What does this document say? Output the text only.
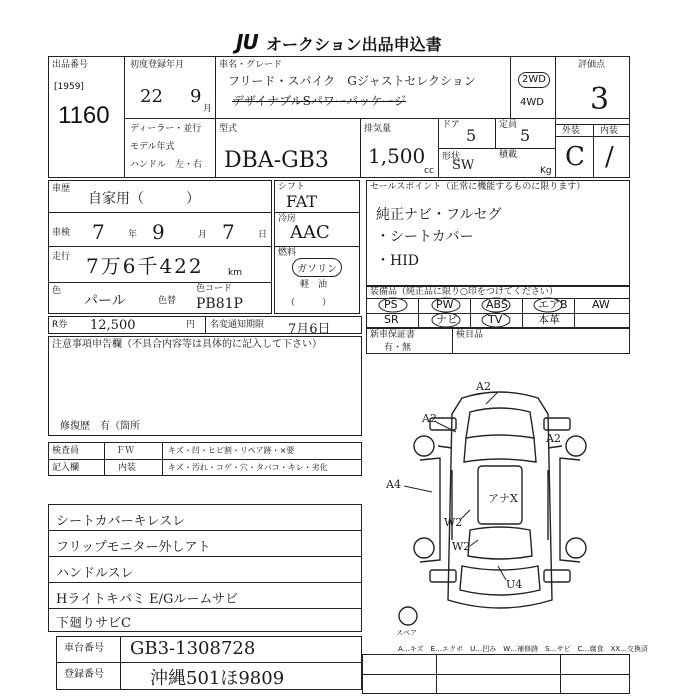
JU オークション出品申込書
出品番号
[1959]
1160
初度登録年月
22 9
月
車名・グレード
フリード・スパイク　Gジャストセレクション
デザイナブルSパワーパッケージ
2WD
4WD
評価点
3
外装 内装
C /
ディーラー・並行
モデル年式
ハンドル　左・右
型式
DBA-GB3
排気量
1,500
cc
ドア
5
定員
5
形状
SW
積載
Kg
車歴
自家用（　　　）
車検 7	年 9	月 7	日
走行 7万6千422	km
色
パール	色替
色コード
PB81P
シフト
FAT
冷房
AAC
燃料
ガソリン
軽　油
（　　　）
セールスポイント（正常に機能するものに限ります）
純正ナビ・フルセグ
・シートカバー
・HID
装備品（純正品に限り○印をつけてください）
PS	PW	ABS	エアB AW
SR	ナビ	TV	本革
R券 12,500	円 名変通知期限 7月6日	新車保証書
有・無
検目品
注意事項申告欄（不具合内容等は具体的に記入して下さい）
修復歴　有（箇所
検査員
記入欄
ＦＷ	キズ・凹・ヒビ割・リペア跡・×要
内装	キズ・汚れ・コゲ・穴・タバコ・キレ・劣化
シートカバーキレスレ
フリップモニター外しアト
ハンドルスレ
Hライトキバミ E/Gルームサビ
下廻りサビC
車台番号 GB3-1308728
登録番号	沖縄501ほ9809
A2
A2
A4
U4
W2
W2
アナX
A2
スペア
A…キズ　E…エクボ　U…凹み　W…補修跡　S…サビ　C…腐食　XX…交換済
